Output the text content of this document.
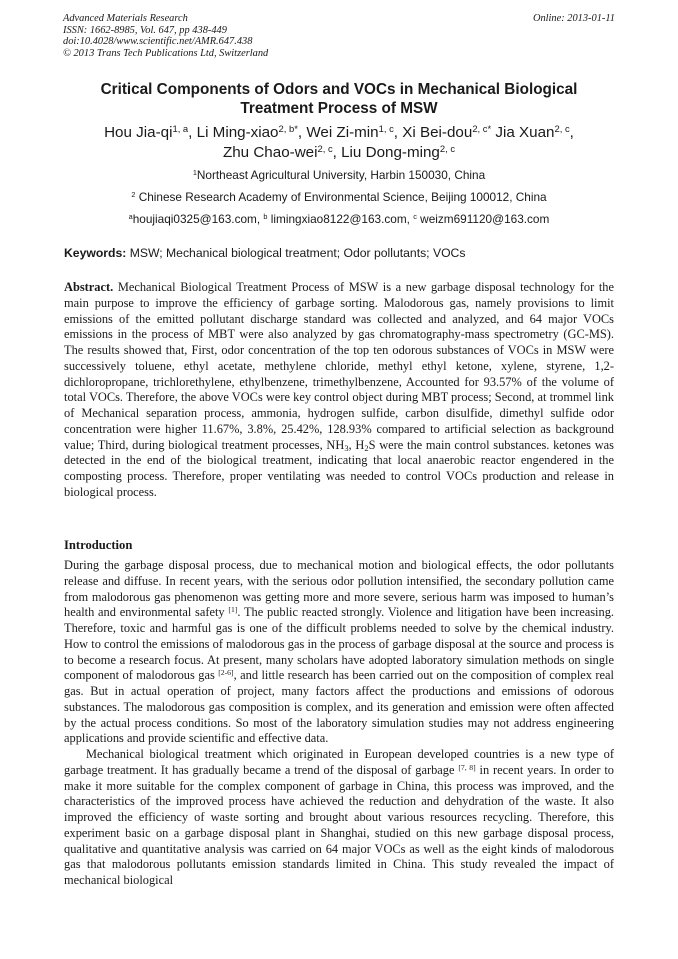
Advanced Materials Research
ISSN: 1662-8985, Vol. 647, pp 438-449
doi:10.4028/www.scientific.net/AMR.647.438
© 2013 Trans Tech Publications Ltd, Switzerland
Online: 2013-01-11
Critical Components of Odors and VOCs in Mechanical Biological
Treatment Process of MSW
Hou Jia-qi$^{1, a}$, Li Ming-xiao$^{2, b*}$, Wei $Zi-\min^{1, c}$, Xi Bei-dou$^{2, c*}$ Jia Xuan$^{2, c}$,
Zhu Chao-wei$^{2, c}$, Liu Dong-ming$^{2, c}$
$^1$Northeast Agricultural University, Harbin 150030, China
$^2$ Chinese Research Academy of Environmental Science, Beijing 100012, China
$^a$houjiaqi0325@163.com, $^b$ limingxiao8122@163.com, $^c$ weizm691120@163.com
Keywords: MSW; Mechanical biological treatment; Odor pollutants; VOCs
Abstract. Mechanical Biological Treatment Process of MSW is a new garbage disposal technology for the main purpose to improve the efficiency of garbage sorting. Malodorous gas, namely provisions to limit emissions of the emitted pollutant discharge standard was collected and analyzed, and 64 major VOCs emissions in the process of MBT were also analyzed by gas chromatography-mass spectrometry (GC-MS). The results showed that, First, odor concentration of the top ten odorous substances of VOCs in MSW were successively toluene, ethyl acetate, methylene chloride, methyl ethyl ketone, xylene, styrene, 1,2- dichloropropane, trichlorethylene, ethylbenzene, trimethylbenzene, Accounted for 93.57% of the volume of total VOCs. Therefore, the above VOCs were key control object during MBT process; Second, at trommel link of Mechanical separation process, ammonia, hydrogen sulfide, carbon disulfide, dimethyl sulfide odor concentration were higher 11.67%, 3.8%, 25.42%, 128.93% compared to artificial selection as background value; Third, during biological treatment processes, $NH_3$, $H_2S$ were the main control substances. ketones was detected in the end of the biological treatment, indicating that local anaerobic reactor engendered in the composting process. Therefore, proper ventilating was needed to control VOCs production and release in biological process.
Introduction
During the garbage disposal process, due to mechanical motion and biological effects, the odor pollutants release and diffuse. In recent years, with the serious odor pollution intensified, the secondary pollution came from malodorous gas phenomenon was getting more and more severe, serious harm was imposed to human’s health and environmental safety [1]. The public reacted strongly. Violence and litigation have been increasing. Therefore, toxic and harmful gas is one of the difficult problems needed to solve by the chemical industry. How to control the emissions of malodorous gas in the process of garbage disposal at the source and process is to become a research focus. At present, many scholars have adopted laboratory simulation methods on single component of malodorous gas [2-6], and little research has been carried out on the composition of complex real gas. But in actual operation of project, many factors affect the productions and emissions of odorous substances. The malodorous gas composition is complex, and its generation and emission were often affected by the actual process conditions. So most of the laboratory simulation studies may not address engineering applications and provide scientific and effective data.
Mechanical biological treatment which originated in European developed countries is a new type of garbage treatment. It has gradually became a trend of the disposal of garbage [7, 8] in recent years. In order to make it more suitable for the complex component of garbage in China, this process was improved, and the characteristics of the improved process have achieved the reduction and dehydration of the waste. It also improved the efficiency of waste sorting and brought about various resources recycling. Therefore, this experiment basic on a garbage disposal plant in Shanghai, studied on this new garbage disposal process, qualitative and quantitative analysis was carried on 64 major VOCs as well as the eight kinds of malodorous gas that malodorous pollutants emission standards limited in China. This study revealed the impact of mechanical biological
